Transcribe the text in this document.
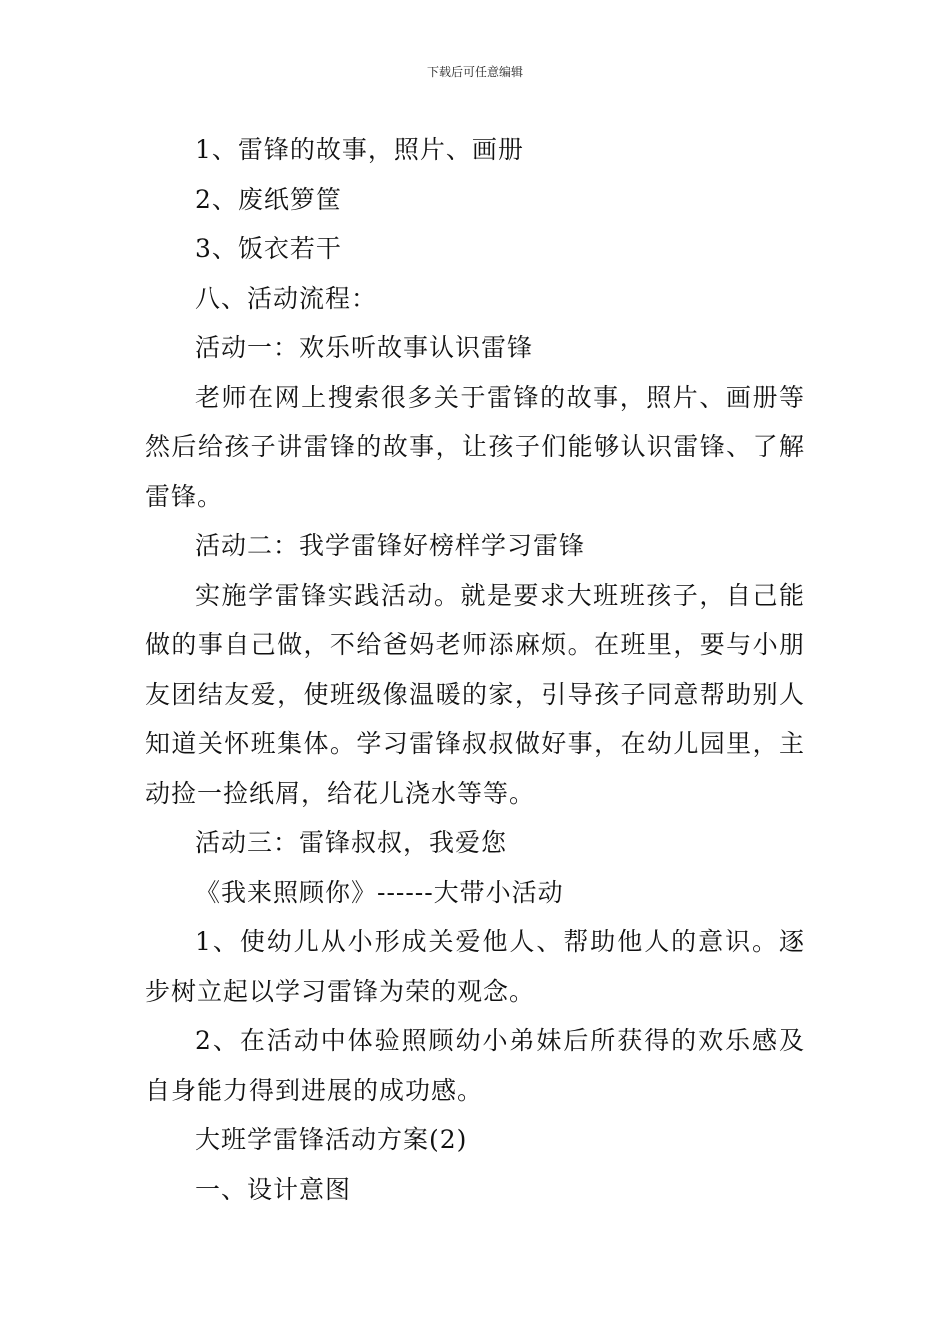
下载后可任意编辑

1、雷锋的故事，照片、画册

2、废纸箩筐

3、饭衣若干

八、活动流程：

活动一：欢乐听故事认识雷锋

老师在网上搜索很多关于雷锋的故事，照片、画册等然后给孩子讲雷锋的故事，让孩子们能够认识雷锋、了解雷锋。

活动二：我学雷锋好榜样学习雷锋

实施学雷锋实践活动。就是要求大班班孩子，自己能做的事自己做，不给爸妈老师添麻烦。在班里，要与小朋友团结友爱，使班级像温暖的家，引导孩子同意帮助别人知道关怀班集体。学习雷锋叔叔做好事，在幼儿园里，主动捡一捡纸屑，给花儿浇水等等。

活动三：雷锋叔叔，我爱您

《我来照顾你》------大带小活动

1、使幼儿从小形成关爱他人、帮助他人的意识。逐步树立起以学习雷锋为荣的观念。

2、在活动中体验照顾幼小弟妹后所获得的欢乐感及自身能力得到进展的成功感。

大班学雷锋活动方案(2)

一、设计意图
